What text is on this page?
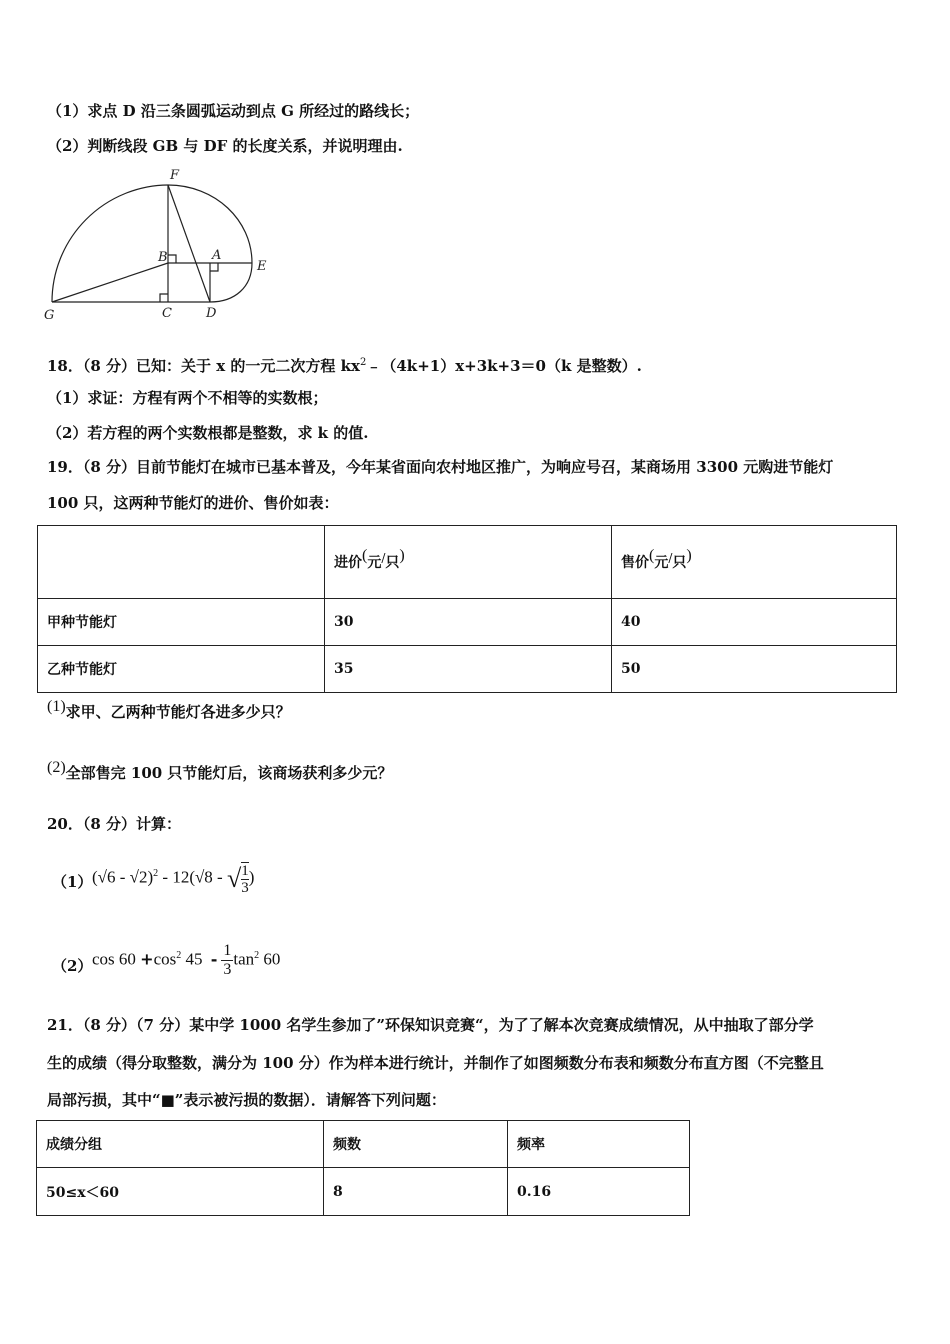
（1）求点 D 沿三条圆弧运动到点 G 所经过的路线长；
（2）判断线段 GB 与 DF 的长度关系，并说明理由.
F
B	A
E
G	C	D
18．（8 分）已知：关于 x 的一元二次方程 $kx^2﹣(4k+1)x+3k+3=0(k$ 是整数）.
（1）求证：方程有两个不相等的实数根；
（2）若方程的两个实数根都是整数，求 k 的值.
19．（8 分）目前节能灯在城市已基本普及，今年某省面向农村地区推广，为响应号召，某商场用 3300 元购进节能灯
100 只，这两种节能灯的进价、售价如表：
	进价(元/只)	售价(元/只)
甲种节能灯	30	40
乙种节能灯	35	50
(1)求甲、乙两种节能灯各进多少只？
(2)全部售完 100 只节能灯后，该商场获利多少元？
20．（8 分）计算：
（1） (√6 - √2)$^2$ - 12(√8 - √ $\frac{1}{3}$ )
（2） $\cos 60 +\cos^2$ $45 - \frac{1}{3} \tan^2 60$
21．（8 分）（7 分）某中学 1000 名学生参加了”环保知识竞赛“，为了了解本次竞赛成绩情况，从中抽取了部分学
生的成绩（得分取整数，满分为 100 分）作为样本进行统计，并制作了如图频数分布表和频数分布直方图（不完整且
局部污损，其中“■”表示被污损的数据）．请解答下列问题：
成绩分组	频数	频率
50≤x＜60	8	0.16
